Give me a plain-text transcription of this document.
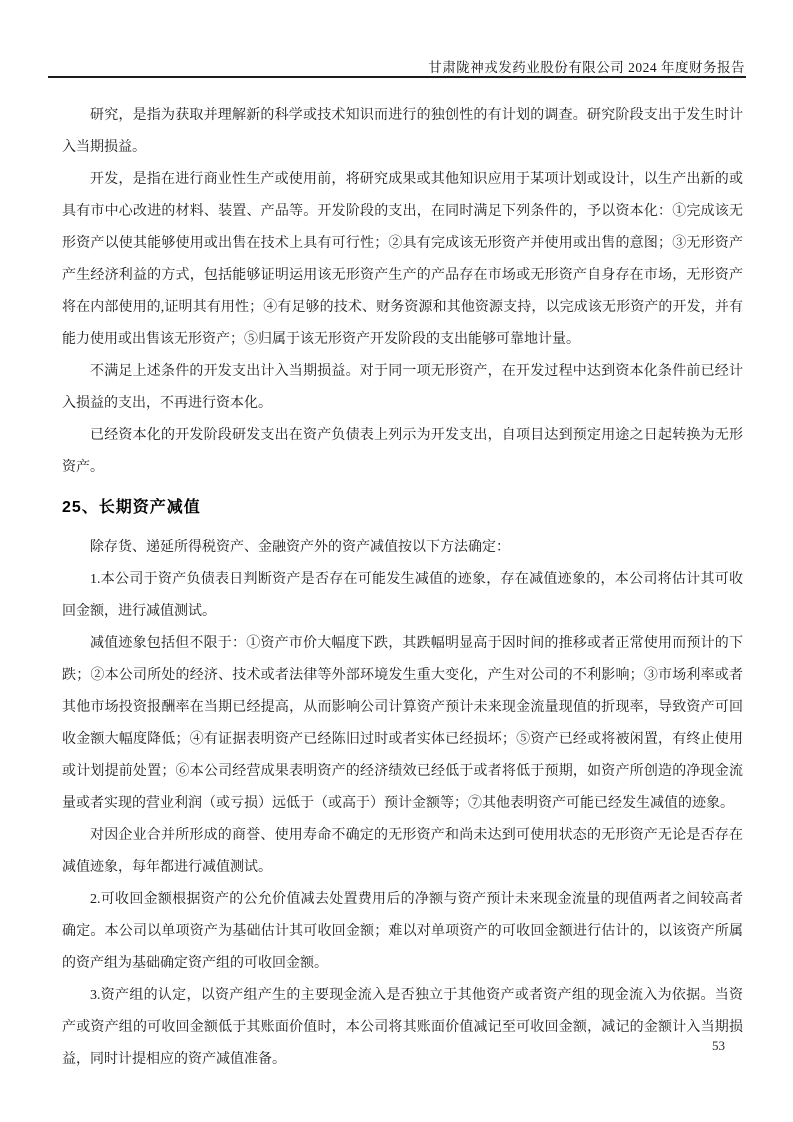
甘肃陇神戎发药业股份有限公司 2024 年度财务报告

研究，是指为获取并理解新的科学或技术知识而进行的独创性的有计划的调查。研究阶段支出于发生时计入当期损益。

开发，是指在进行商业性生产或使用前，将研究成果或其他知识应用于某项计划或设计，以生产出新的或具有市中心改进的材料、装置、产品等。开发阶段的支出，在同时满足下列条件的，予以资本化：①完成该无形资产以使其能够使用或出售在技术上具有可行性；②具有完成该无形资产并使用或出售的意图；③无形资产产生经济利益的方式，包括能够证明运用该无形资产生产的产品存在市场或无形资产自身存在市场，无形资产将在内部使用的,证明其有用性；④有足够的技术、财务资源和其他资源支持，以完成该无形资产的开发，并有能力使用或出售该无形资产；⑤归属于该无形资产开发阶段的支出能够可靠地计量。

不满足上述条件的开发支出计入当期损益。对于同一项无形资产，在开发过程中达到资本化条件前已经计入损益的支出，不再进行资本化。

已经资本化的开发阶段研发支出在资产负债表上列示为开发支出，自项目达到预定用途之日起转换为无形资产。

25、长期资产减值

除存货、递延所得税资产、金融资产外的资产减值按以下方法确定：

1.本公司于资产负债表日判断资产是否存在可能发生减值的迹象，存在减值迹象的，本公司将估计其可收回金额，进行减值测试。

减值迹象包括但不限于：①资产市价大幅度下跌，其跌幅明显高于因时间的推移或者正常使用而预计的下跌；②本公司所处的经济、技术或者法律等外部环境发生重大变化，产生对公司的不利影响；③市场利率或者其他市场投资报酬率在当期已经提高，从而影响公司计算资产预计未来现金流量现值的折现率，导致资产可回收金额大幅度降低；④有证据表明资产已经陈旧过时或者实体已经损坏；⑤资产已经或将被闲置，有终止使用或计划提前处置；⑥本公司经营成果表明资产的经济绩效已经低于或者将低于预期，如资产所创造的净现金流量或者实现的营业利润（或亏损）远低于（或高于）预计金额等；⑦其他表明资产可能已经发生减值的迹象。

对因企业合并所形成的商誉、使用寿命不确定的无形资产和尚未达到可使用状态的无形资产无论是否存在减值迹象，每年都进行减值测试。

2.可收回金额根据资产的公允价值减去处置费用后的净额与资产预计未来现金流量的现值两者之间较高者确定。本公司以单项资产为基础估计其可收回金额；难以对单项资产的可收回金额进行估计的，以该资产所属的资产组为基础确定资产组的可收回金额。

3.资产组的认定，以资产组产生的主要现金流入是否独立于其他资产或者资产组的现金流入为依据。当资产或资产组的可收回金额低于其账面价值时，本公司将其账面价值减记至可收回金额，减记的金额计入当期损益，同时计提相应的资产减值准备。

53
